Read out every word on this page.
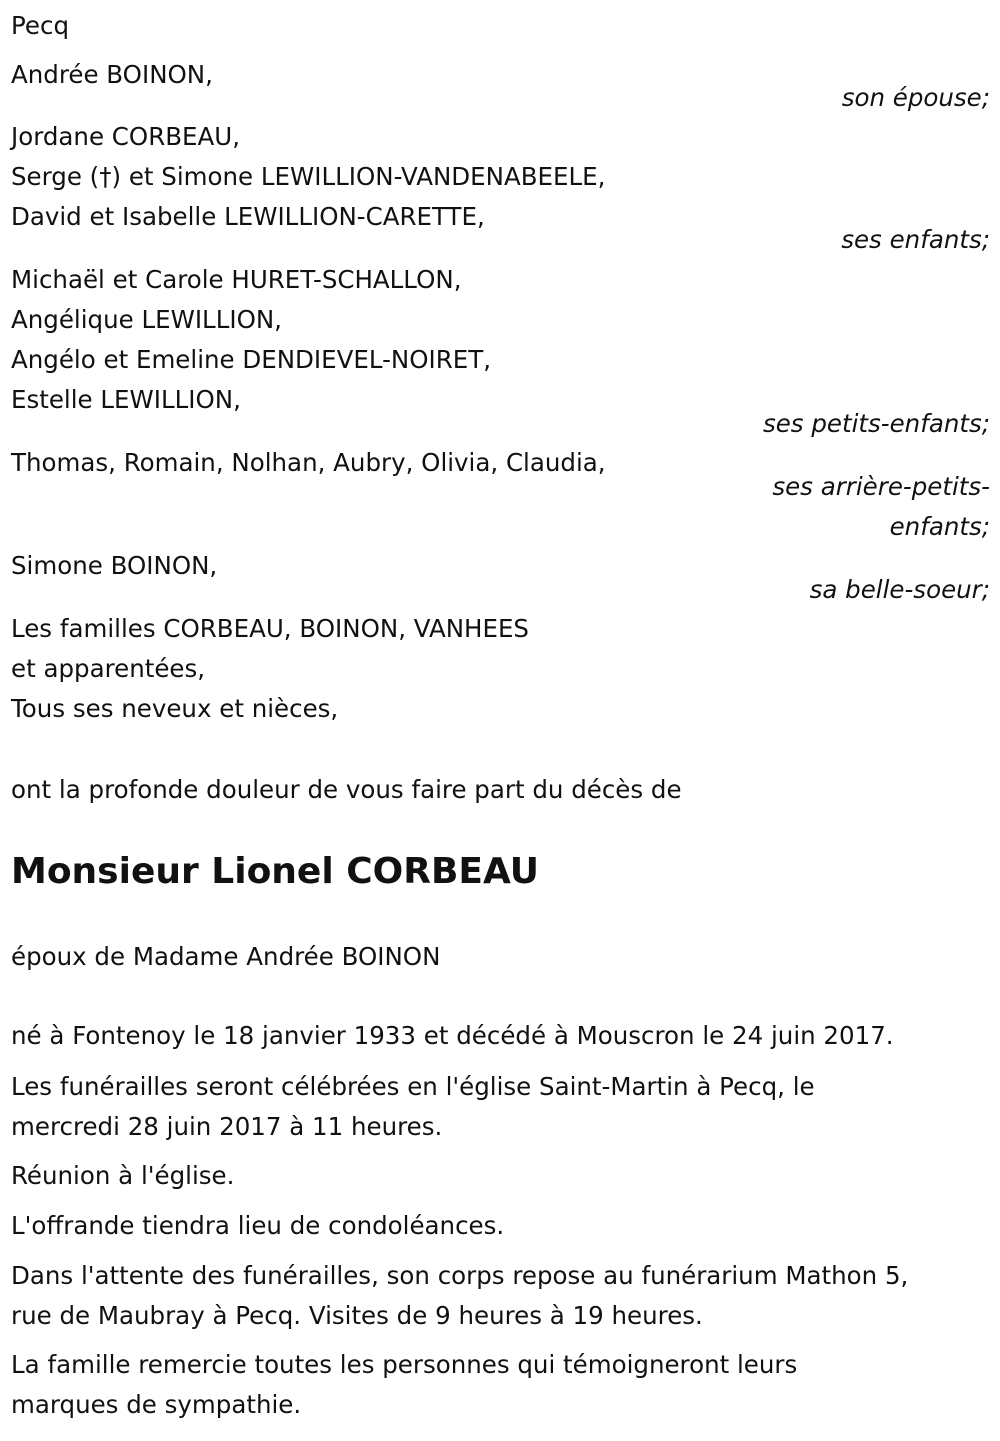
Pecq
Andrée BOINON,
son épouse;
Jordane CORBEAU,
Serge (†) et Simone LEWILLION-VANDENABEELE,
David et Isabelle LEWILLION-CARETTE,
ses enfants;
Michaël et Carole HURET-SCHALLON,
Angélique LEWILLION,
Angélo et Emeline DENDIEVEL-NOIRET,
Estelle LEWILLION,
ses petits-enfants;
Thomas, Romain, Nolhan, Aubry, Olivia, Claudia,
ses arrière-petits-
enfants;
Simone BOINON,
sa belle-soeur;
Les familles CORBEAU, BOINON, VANHEES
et apparentées,
Tous ses neveux et nièces,
ont la profonde douleur de vous faire part du décès de
Monsieur Lionel CORBEAU
époux de Madame Andrée BOINON
né à Fontenoy le 18 janvier 1933 et décédé à Mouscron le 24 juin 2017.
Les funérailles seront célébrées en l'église Saint-Martin à Pecq, le
mercredi 28 juin 2017 à 11 heures.
Réunion à l'église.
L'offrande tiendra lieu de condoléances.
Dans l'attente des funérailles, son corps repose au funérarium Mathon 5,
rue de Maubray à Pecq. Visites de 9 heures à 19 heures.
La famille remercie toutes les personnes qui témoigneront leurs
marques de sympathie.
